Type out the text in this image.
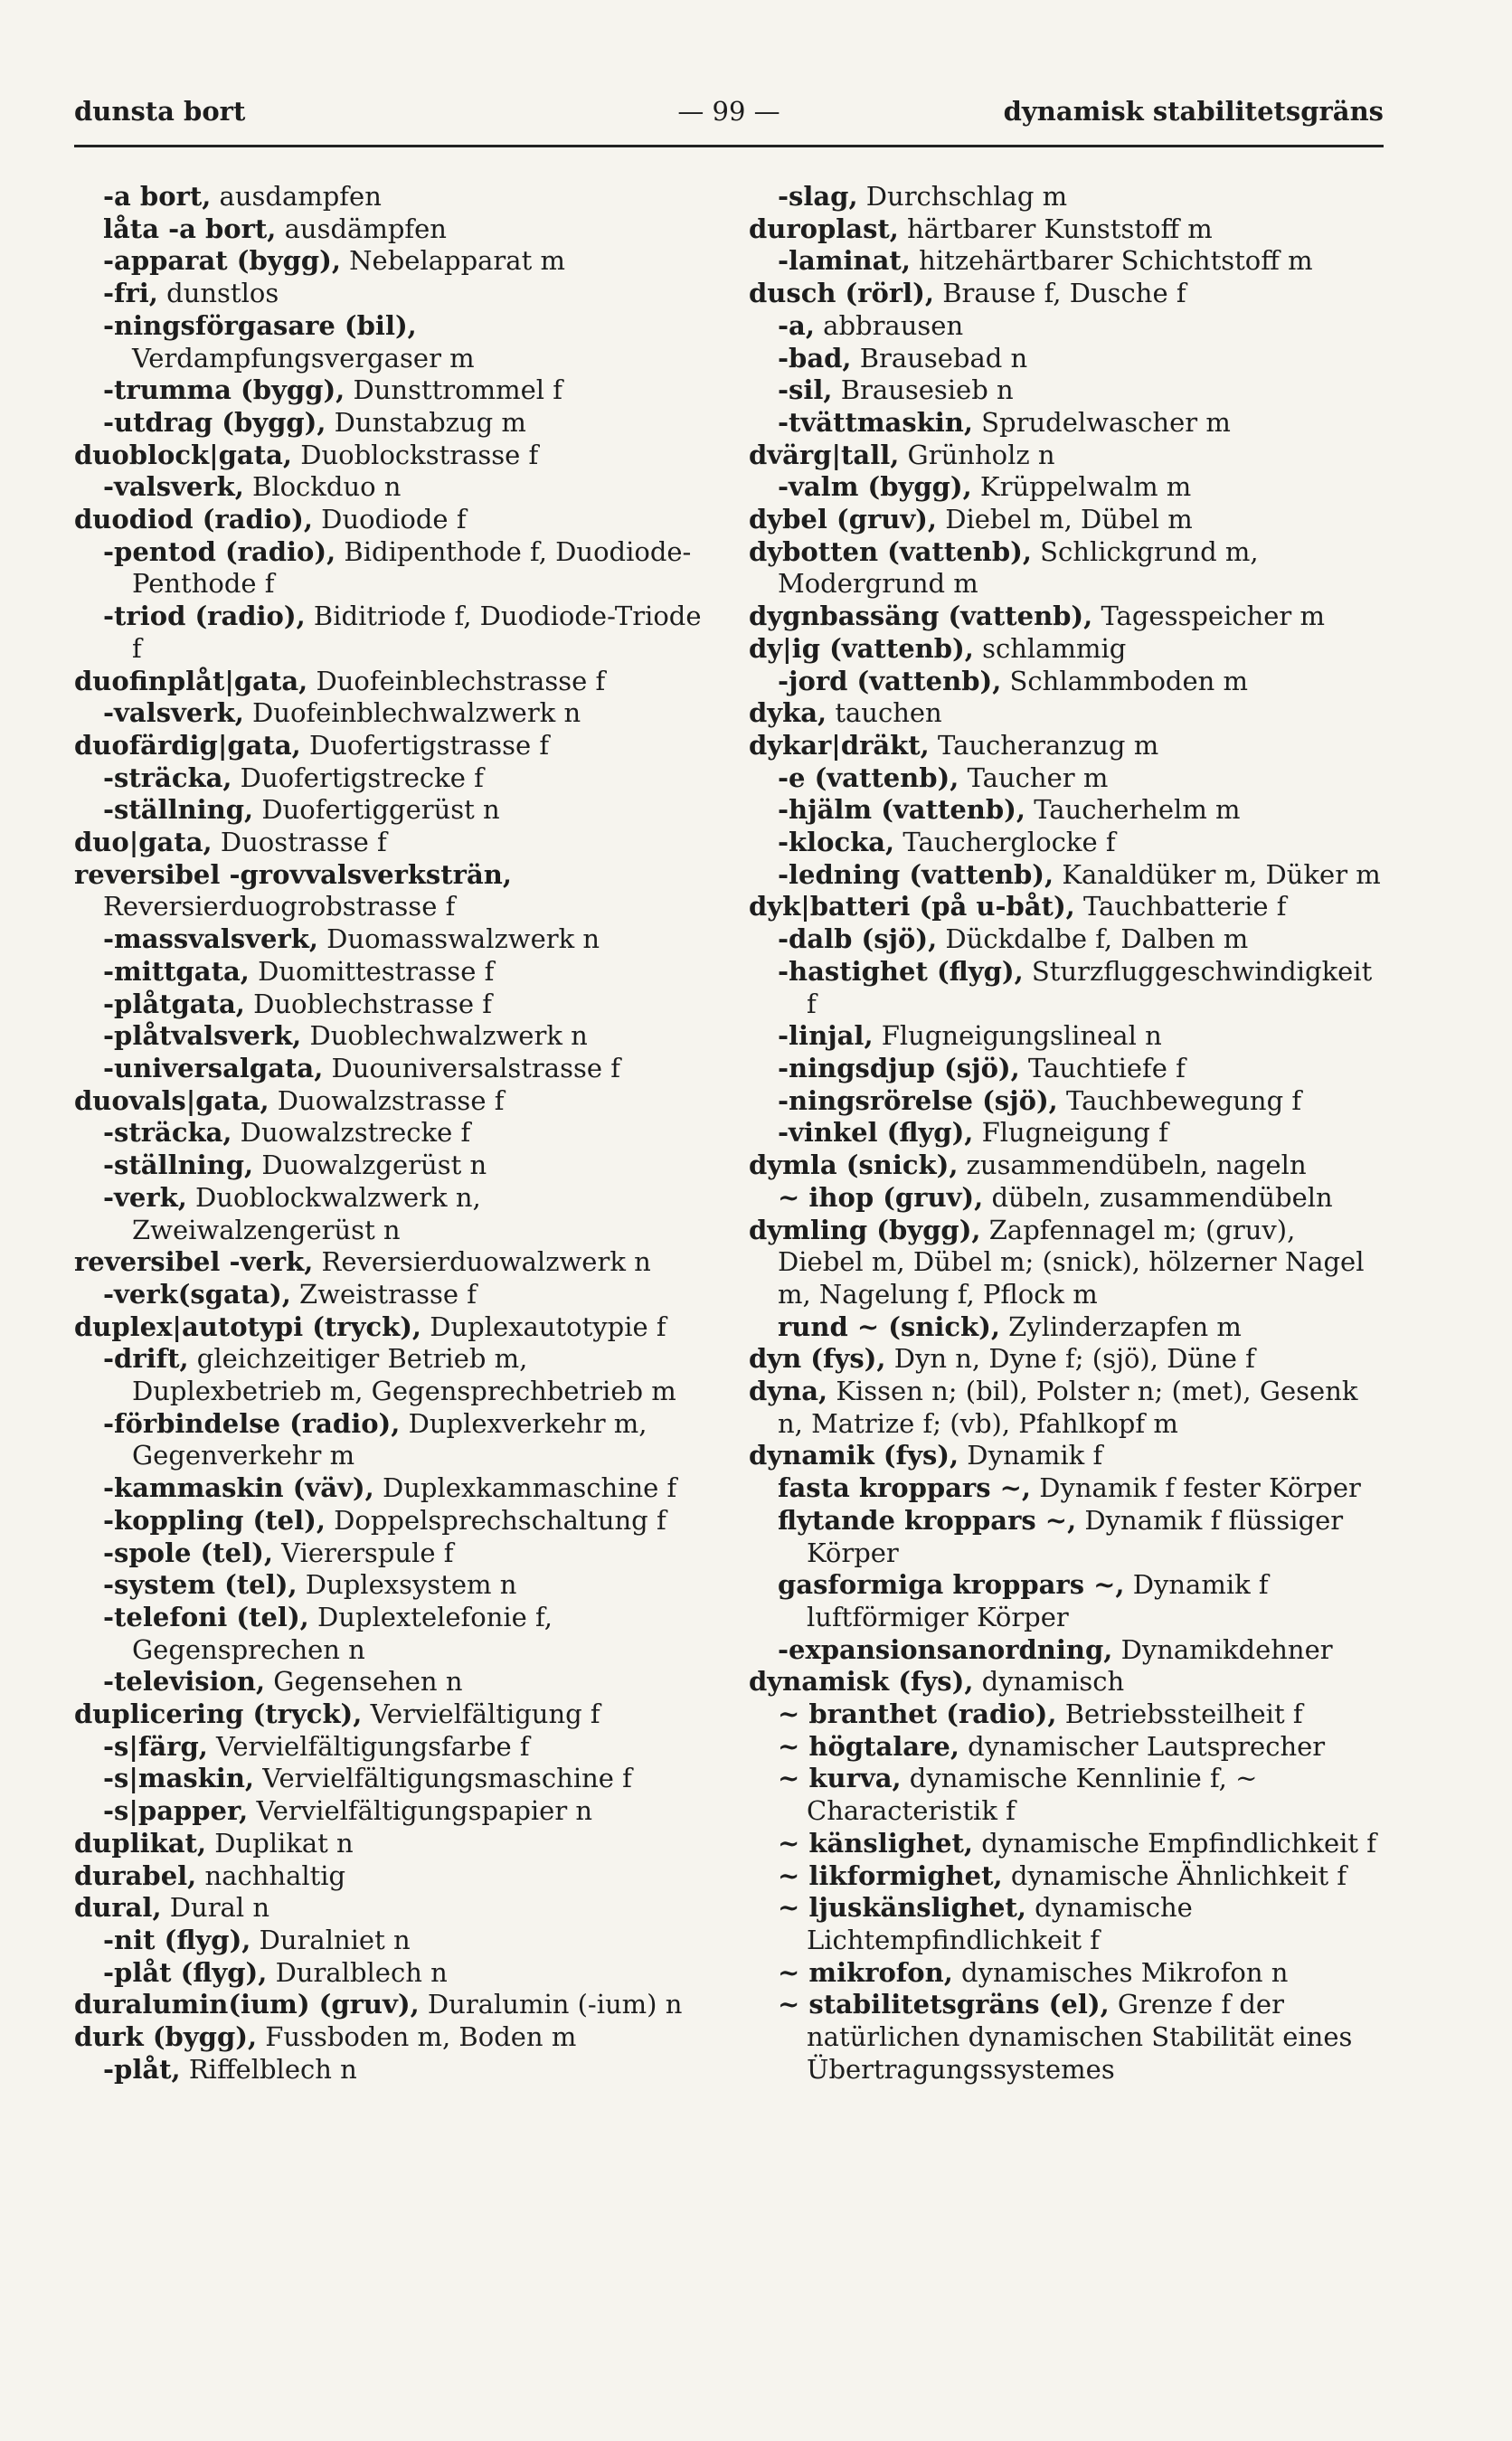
dunsta bort	— 99 —	dynamisk stabilitetsgräns

-a bort, ausdampfen

låta -a bort, ausdämpfen

-apparat (bygg), Nebelapparat m

-fri, dunstlos

-ningsförgasare (bil), Verdampfungsvergaser m

-trumma (bygg), Dunsttrommel f

-utdrag (bygg), Dunstabzug m

duoblock|gata, Duoblockstrasse f

-valsverk, Blockduo n

duodiod (radio), Duodiode f

-pentod (radio), Bidipenthode f, Duodiode-Penthode f

-triod (radio), Biditriode f, Duodiode-Triode f

duofinplåt|gata, Duofeinblechstrasse f

-valsverk, Duofeinblechwalzwerk n

duofärdig|gata, Duofertigstrasse f

-sträcka, Duofertigstrecke f

-ställning, Duofertiggerüst n

duo|gata, Duostrasse f

reversibel -grovvalsverksträn, Reversierduogrobstrasse f

-massvalsverk, Duomasswalzwerk n

-mittgata, Duomittestrasse f

-plåtgata, Duoblechstrasse f

-plåtvalsverk, Duoblechwalzwerk n

-universalgata, Duouniversalstrasse f

duovals|gata, Duowalzstrasse f

-sträcka, Duowalzstrecke f

-ställning, Duowalzgerüst n

-verk, Duoblockwalzwerk n, Zweiwalzengerüst n

reversibel -verk, Reversierduowalzwerk n

-verk(sgata), Zweistrasse f

duplex|autotypi (tryck), Duplexautotypie f

-drift, gleichzeitiger Betrieb m, Duplexbetrieb m, Gegensprechbetrieb m

-förbindelse (radio), Duplexverkehr m, Gegenverkehr m

-kammaskin (väv), Duplexkammaschine f

-koppling (tel), Doppelsprechschaltung f

-spole (tel), Viererspule f

-system (tel), Duplexsystem n

-telefoni (tel), Duplextelefonie f, Gegensprechen n

-television, Gegensehen n

duplicering (tryck), Vervielfältigung f

-s|färg, Vervielfältigungsfarbe f

-s|maskin, Vervielfältigungsmaschine f

-s|papper, Vervielfältigungspapier n

duplikat, Duplikat n

durabel, nachhaltig

dural, Dural n

-nit (flyg), Duralniet n

-plåt (flyg), Duralblech n

duralumin(ium) (gruv), Duralumin (-ium) n

durk (bygg), Fussboden m, Boden m

-plåt, Riffelblech n

-slag, Durchschlag m

duroplast, härtbarer Kunststoff m

-laminat, hitzehärtbarer Schichtstoff m

dusch (rörl), Brause f, Dusche f

-a, abbrausen

-bad, Brausebad n

-sil, Brausesieb n

-tvättmaskin, Sprudelwascher m

dvärg|tall, Grünholz n

-valm (bygg), Krüppelwalm m

dybel (gruv), Diebel m, Dübel m

dybotten (vattenb), Schlickgrund m, Modergrund m

dygnbassäng (vattenb), Tagesspeicher m

dy|ig (vattenb), schlammig

-jord (vattenb), Schlammboden m

dyka, tauchen

dykar|dräkt, Taucheranzug m

-e (vattenb), Taucher m

-hjälm (vattenb), Taucherhelm m

-klocka, Taucherglocke f

-ledning (vattenb), Kanaldüker m, Düker m

dyk|batteri (på u-båt), Tauchbatterie f

-dalb (sjö), Dückdalbe f, Dalben m

-hastighet (flyg), Sturzfluggeschwindigkeit f

-linjal, Flugneigungslineal n

-ningsdjup (sjö), Tauchtiefe f

-ningsrörelse (sjö), Tauchbewegung f

-vinkel (flyg), Flugneigung f

dymla (snick), zusammendübeln, nageln

~ ihop (gruv), dübeln, zusammendübeln

dymling (bygg), Zapfennagel m; (gruv), Diebel m, Dübel m; (snick), hölzerner Nagel m, Nagelung f, Pflock m

rund ~ (snick), Zylinderzapfen m

dyn (fys), Dyn n, Dyne f; (sjö), Düne f

dyna, Kissen n; (bil), Polster n; (met), Gesenk n, Matrize f; (vb), Pfahlkopf m

dynamik (fys), Dynamik f

fasta kroppars ~, Dynamik f fester Körper

flytande kroppars ~, Dynamik f flüssiger Körper

gasformiga kroppars ~, Dynamik f luftförmiger Körper

-expansionsanordning, Dynamikdehner

dynamisk (fys), dynamisch

~ branthet (radio), Betriebssteilheit f

~ högtalare, dynamischer Lautsprecher

~ kurva, dynamische Kennlinie f, ~ Characteristik f

~ känslighet, dynamische Empfindlichkeit f

~ likformighet, dynamische Ähnlichkeit f

~ ljuskänslighet, dynamische Lichtempfindlichkeit f

~ mikrofon, dynamisches Mikrofon n

~ stabilitetsgräns (el), Grenze f der natürlichen dynamischen Stabilität eines Übertragungssystemes
